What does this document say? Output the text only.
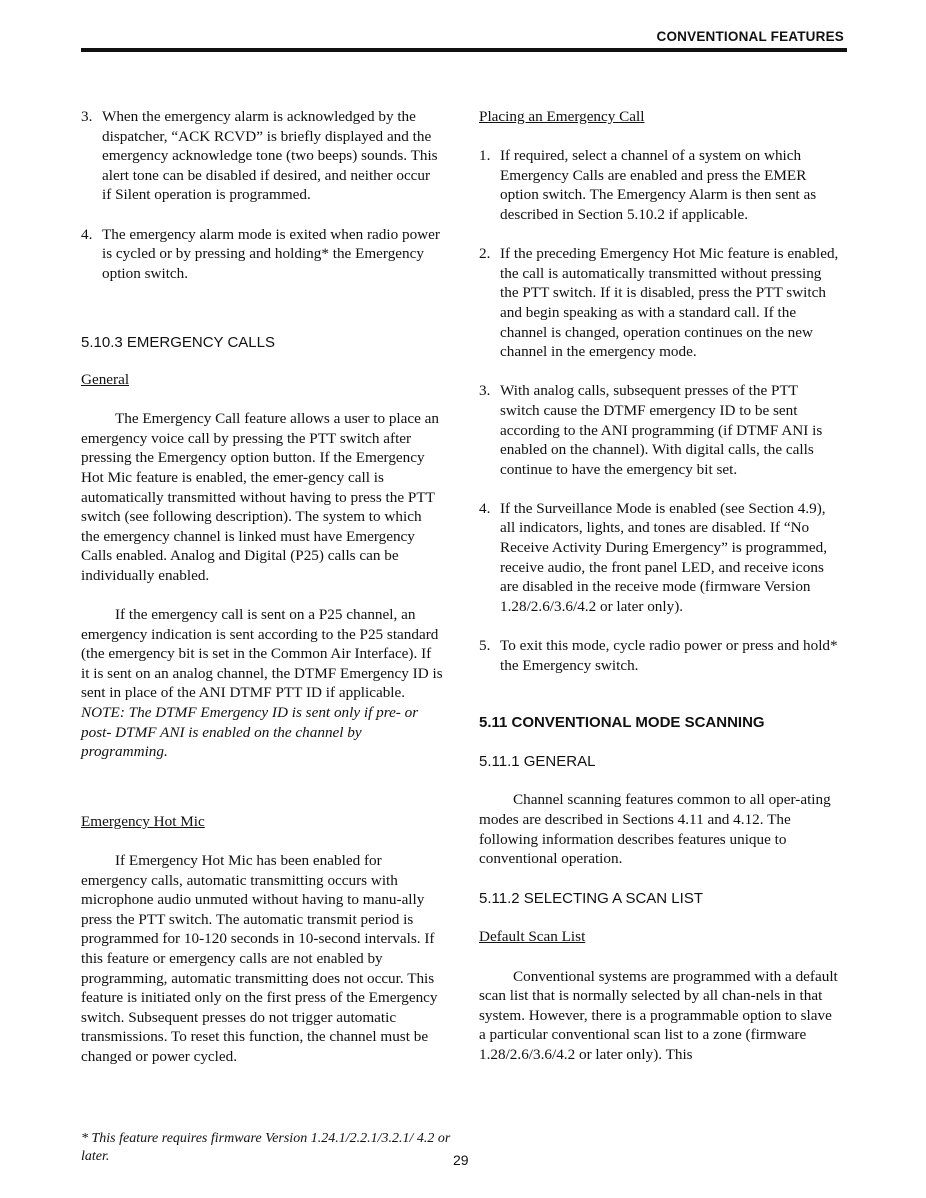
CONVENTIONAL FEATURES
3. When the emergency alarm is acknowledged by the dispatcher, “ACK RCVD” is briefly displayed and the emergency acknowledge tone (two beeps) sounds. This alert tone can be disabled if desired, and neither occur if Silent operation is programmed.
4. The emergency alarm mode is exited when radio power is cycled or by pressing and holding* the Emergency option switch.
5.10.3 EMERGENCY CALLS
General

The Emergency Call feature allows a user to place an emergency voice call by pressing the PTT switch after pressing the Emergency option button. If the Emergency Hot Mic feature is enabled, the emer-gency call is automatically transmitted without having to press the PTT switch (see following description). The system to which the emergency channel is linked must have Emergency Calls enabled. Analog and Digital (P25) calls can be individually enabled.

If the emergency call is sent on a P25 channel, an emergency indication is sent according to the P25 standard (the emergency bit is set in the Common Air Interface). If it is sent on an analog channel, the DTMF Emergency ID is sent in place of the ANI DTMF PTT ID if applicable. NOTE: The DTMF Emergency ID is sent only if pre- or post- DTMF ANI is enabled on the channel by programming.

Emergency Hot Mic

If Emergency Hot Mic has been enabled for emergency calls, automatic transmitting occurs with microphone audio unmuted without having to manu-ally press the PTT switch. The automatic transmit period is programmed for 10-120 seconds in 10-second intervals. If this feature or emergency calls are not enabled by programming, automatic transmitting does not occur. This feature is initiated only on the first press of the Emergency switch. Subsequent presses do not trigger automatic transmissions. To reset this function, the channel must be changed or power cycled.

Placing an Emergency Call
1. If required, select a channel of a system on which Emergency Calls are enabled and press the EMER option switch. The Emergency Alarm is then sent as described in Section 5.10.2 if applicable.
2. If the preceding Emergency Hot Mic feature is enabled, the call is automatically transmitted without pressing the PTT switch. If it is disabled, press the PTT switch and begin speaking as with a standard call. If the channel is changed, operation continues on the new channel in the emergency mode.
3. With analog calls, subsequent presses of the PTT switch cause the DTMF emergency ID to be sent according to the ANI programming (if DTMF ANI is enabled on the channel). With digital calls, the calls continue to have the emergency bit set.
4. If the Surveillance Mode is enabled (see Section 4.9), all indicators, lights, and tones are disabled. If “No Receive Activity During Emergency” is programmed, receive audio, the front panel LED, and receive icons are disabled in the receive mode (firmware Version 1.28/2.6/3.6/4.2 or later only).
5. To exit this mode, cycle radio power or press and hold* the Emergency switch.
5.11 CONVENTIONAL MODE SCANNING
5.11.1 GENERAL

Channel scanning features common to all oper-ating modes are described in Sections 4.11 and 4.12. The following information describes features unique to conventional operation.

5.11.2 SELECTING A SCAN LIST
Default Scan List

Conventional systems are programmed with a default scan list that is normally selected by all chan-nels in that system. However, there is a programmable option to slave a particular conventional scan list to a zone (firmware 1.28/2.6/3.6/4.2 or later only). This

* This feature requires firmware Version 1.24.1/2.2.1/3.2.1/ 4.2 or later.	29
